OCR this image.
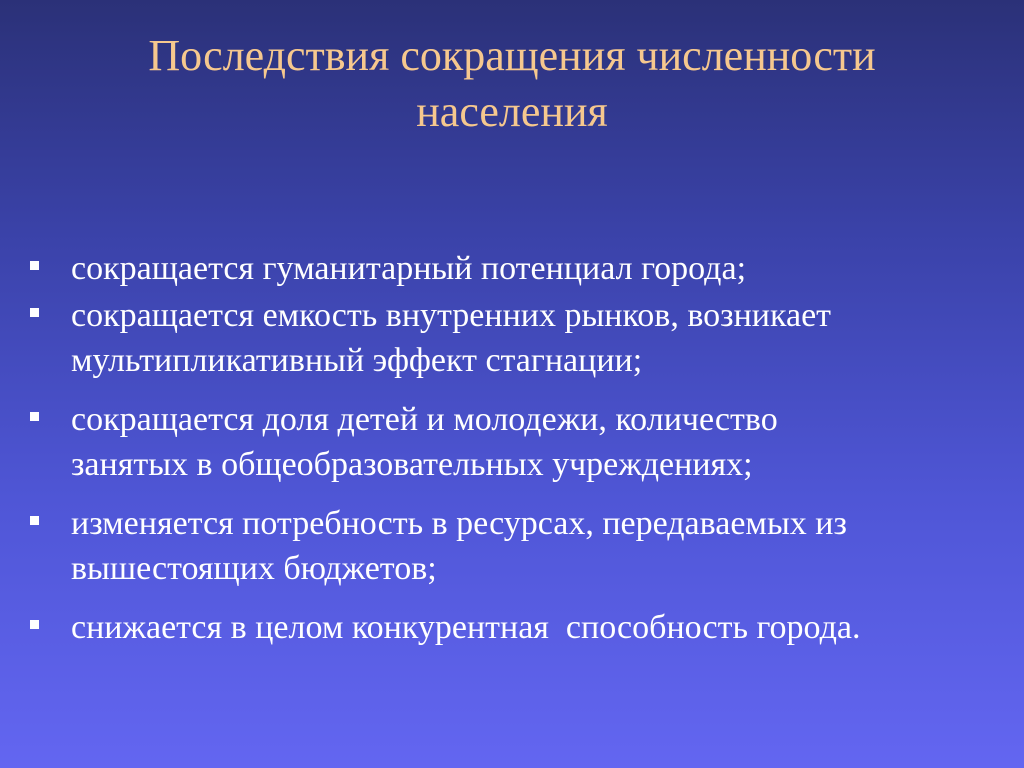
Последствия сокращения численности
населения
сокращается гуманитарный потенциал города;
сокращается емкость внутренних рынков, возникает
мультипликативный эффект стагнации;
сокращается доля детей и молодежи, количество
занятых в общеобразовательных учреждениях;
изменяется потребность в ресурсах, передаваемых из
вышестоящих бюджетов;
снижается в целом конкурентная  способность города.
